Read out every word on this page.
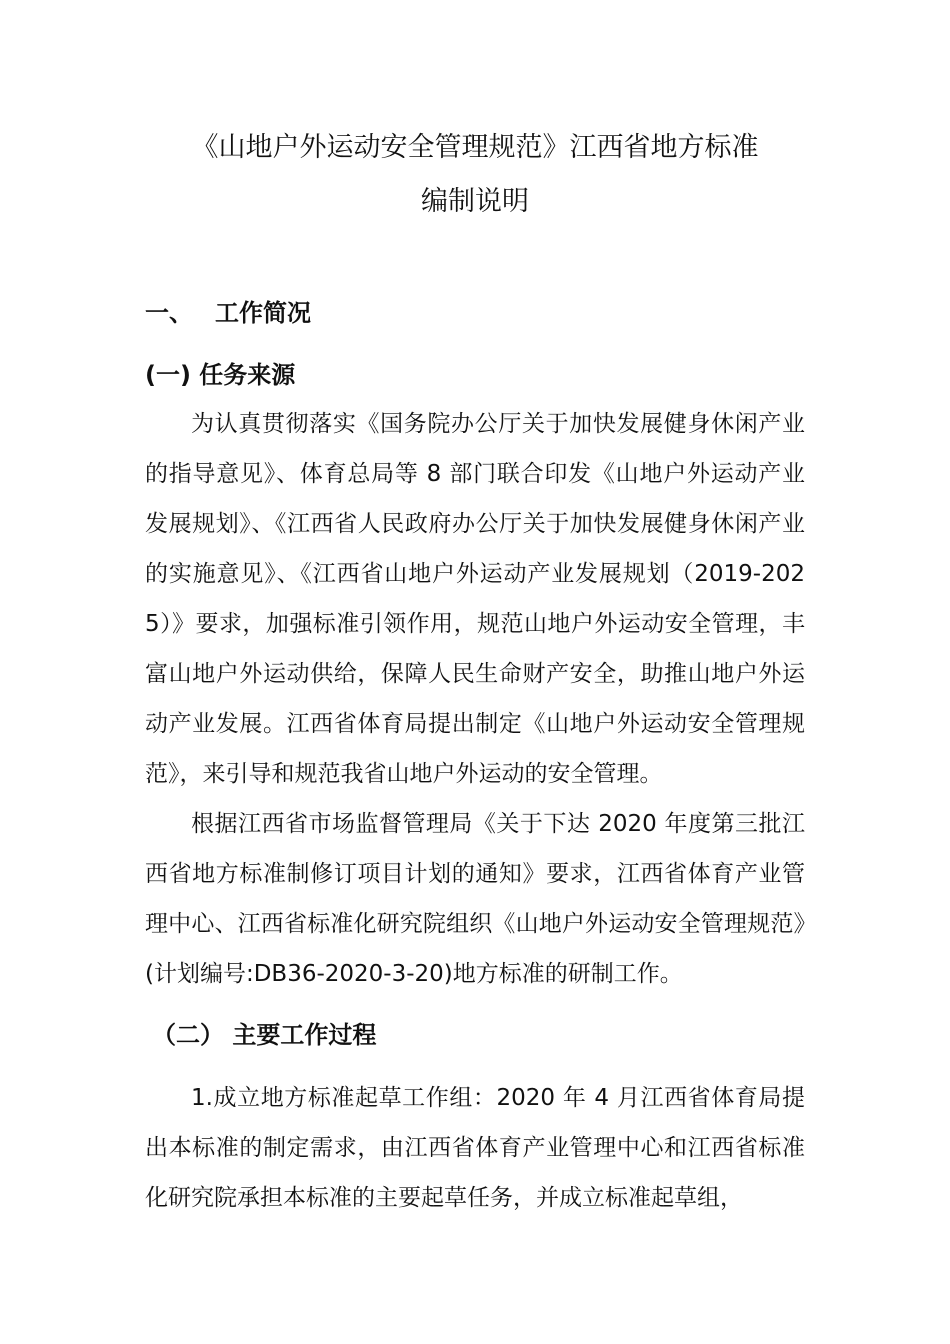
《山地户外运动安全管理规范》江西省地方标准
编制说明
一、 工作简况
(一) 任务来源

为认真贯彻落实《国务院办公厅关于加快发展健身休闲产业的指导意见》、体育总局等 8 部门联合印发《山地户外运动产业发展规划》、《江西省人民政府办公厅关于加快发展健身休闲产业的实施意见》、《江西省山地户外运动产业发展规划（2019-2025）》要求，加强标准引领作用，规范山地户外运动安全管理，丰富山地户外运动供给，保障人民生命财产安全，助推山地户外运动产业发展。江西省体育局提出制定《山地户外运动安全管理规范》，来引导和规范我省山地户外运动的安全管理。

根据江西省市场监督管理局《关于下达 2020 年度第三批江西省地方标准制修订项目计划的通知》要求，江西省体育产业管理中心、江西省标准化研究院组织《山地户外运动安全管理规范》(计划编号:DB36-2020-3-20)地方标准的研制工作。

（二） 主要工作过程

1.成立地方标准起草工作组：2020 年 4 月江西省体育局提出本标准的制定需求，由江西省体育产业管理中心和江西省标准化研究院承担本标准的主要起草任务，并成立标准起草组，
